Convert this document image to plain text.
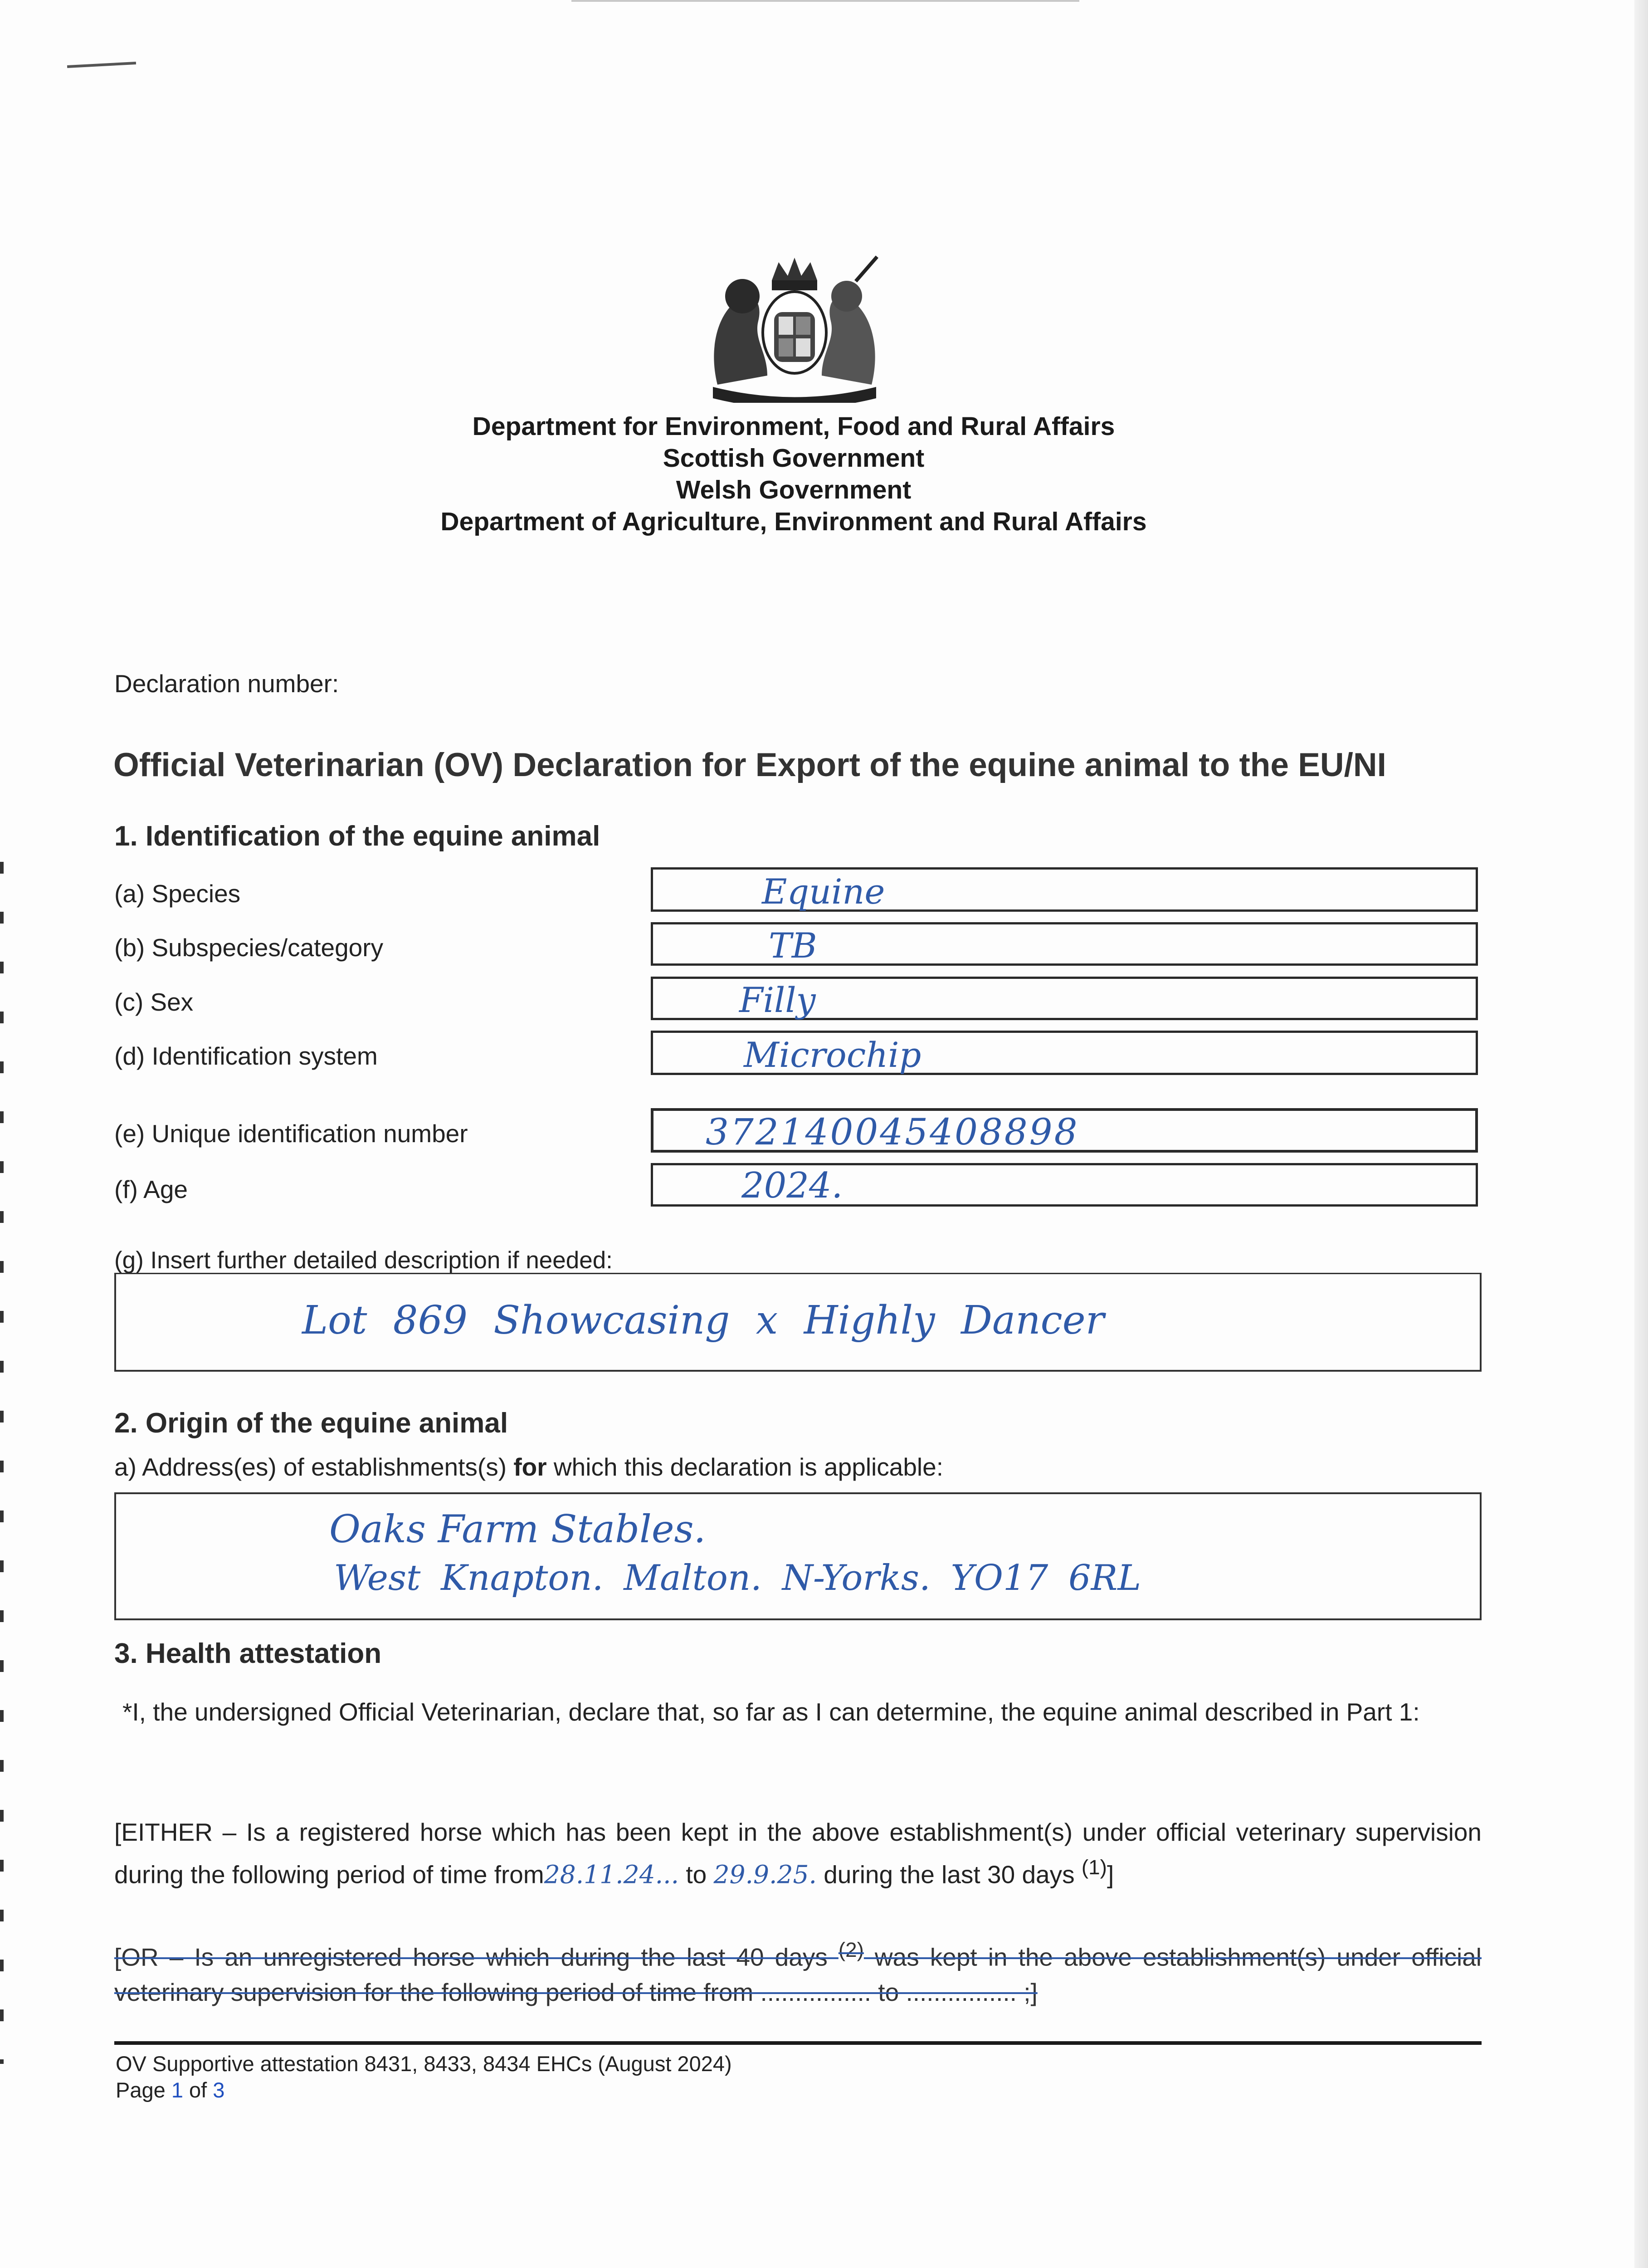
Department for Environment, Food and Rural Affairs
Scottish Government
Welsh Government
Department of Agriculture, Environment and Rural Affairs
Declaration number:
Official Veterinarian (OV) Declaration for Export of the equine animal to the EU/NI
1. Identification of the equine animal
(a) Species	Equine
(b) Subspecies/category	TB
(c) Sex	Filly
(d) Identification system	Microchip
(e) Unique identification number	372140045408898
(f) Age	2024.
(g) Insert further detailed description if needed:
Lot 869 Showcasing x Highly Dancer
2. Origin of the equine animal
a) Address(es) of establishments(s) for which this declaration is applicable:
Oaks Farm Stables.
West Knapton. Malton. N-Yorks. YO17 6RL
3. Health attestation
*I, the undersigned Official Veterinarian, declare that, so far as I can determine, the equine animal described in Part 1:
[EITHER – Is a registered horse which has been kept in the above establishment(s) under official veterinary supervision during the following period of time from28.11.24... to 29.9.25. during the last 30 days $^{(1)}$]
[OR – Is an unregistered horse which during the last 40 days $^{(2)}$ was kept in the above establishment(s) under official veterinary supervision for the following period of time from ................ to ................ ;]
OV Supportive attestation 8431, 8433, 8434 EHCs (August 2024)
Page 1 of 3
